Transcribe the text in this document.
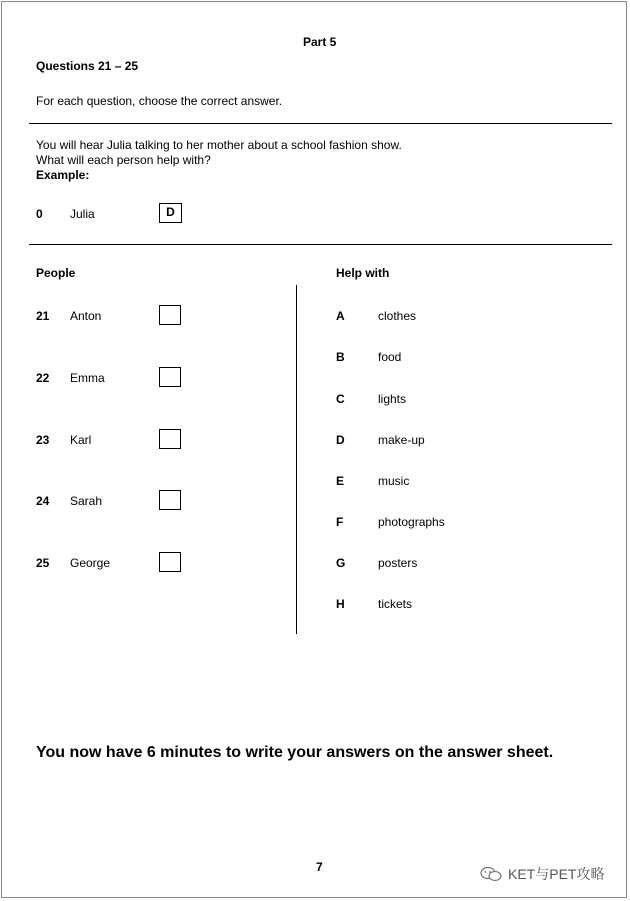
Part 5
Questions 21 – 25
For each question, choose the correct answer.
You will hear Julia talking to her mother about a school fashion show.
What will each person help with?
Example:
0 Julia	D
People	Help with
21 Anton
22 Emma
23 Karl
24 Sarah
25 George
A	clothes
B	food
C	lights
D	make-up
E	music
F	photographs
G	posters
H	tickets
You now have 6 minutes to write your answers on the answer sheet.
7	KET与PET攻略
